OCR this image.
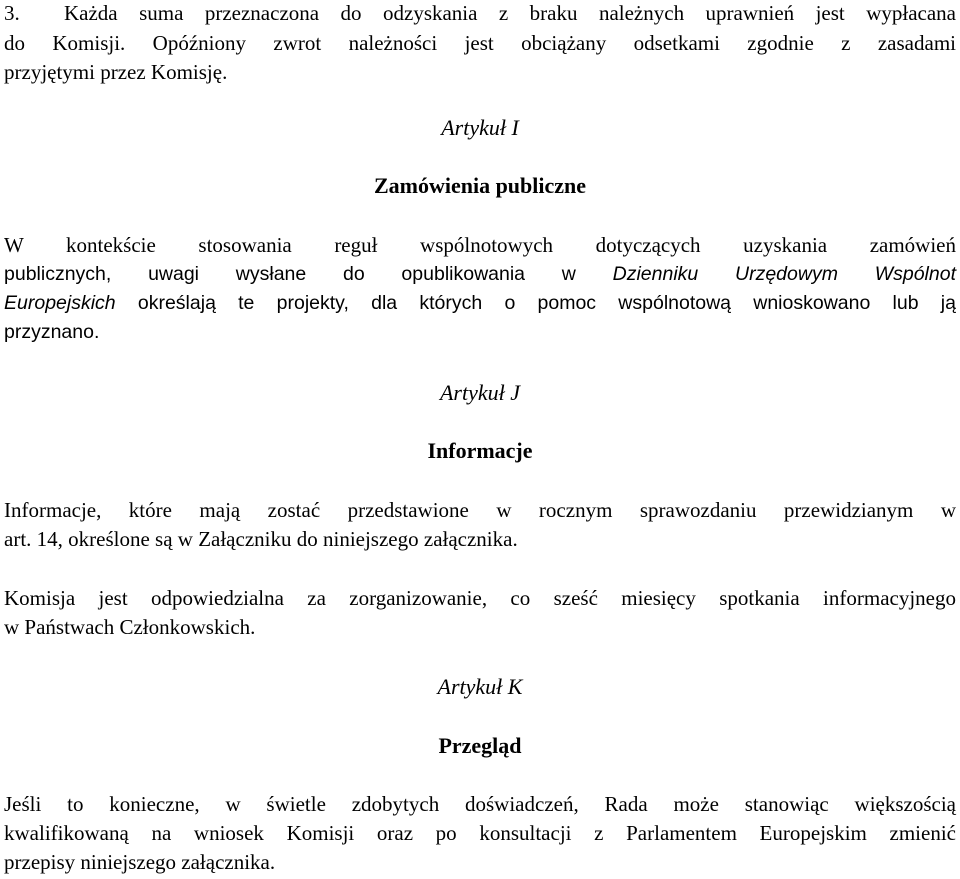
3. Każda suma przeznaczona do odzyskania z braku należnych uprawnień jest wypłacana

do Komisji. Opóźniony zwrot należności jest obciążany odsetkami zgodnie z zasadami

przyjętymi przez Komisję.

Artykuł I

Zamówienia publiczne

W kontekście stosowania reguł wspólnotowych dotyczących uzyskania zamówień

publicznych, uwagi wysłane do opublikowania w Dzienniku Urzędowym Wspólnot

Europejskich określają te projekty, dla których o pomoc wspólnotową wnioskowano lub ją

przyznano.

Artykuł J

Informacje

Informacje, które mają zostać przedstawione w rocznym sprawozdaniu przewidzianym w

art. 14, określone są w Załączniku do niniejszego załącznika.

Komisja jest odpowiedzialna za zorganizowanie, co sześć miesięcy spotkania informacyjnego

w Państwach Członkowskich.

Artykuł K

Przegląd

Jeśli to konieczne, w świetle zdobytych doświadczeń, Rada może stanowiąc większością

kwalifikowaną na wniosek Komisji oraz po konsultacji z Parlamentem Europejskim zmienić

przepisy niniejszego załącznika.
